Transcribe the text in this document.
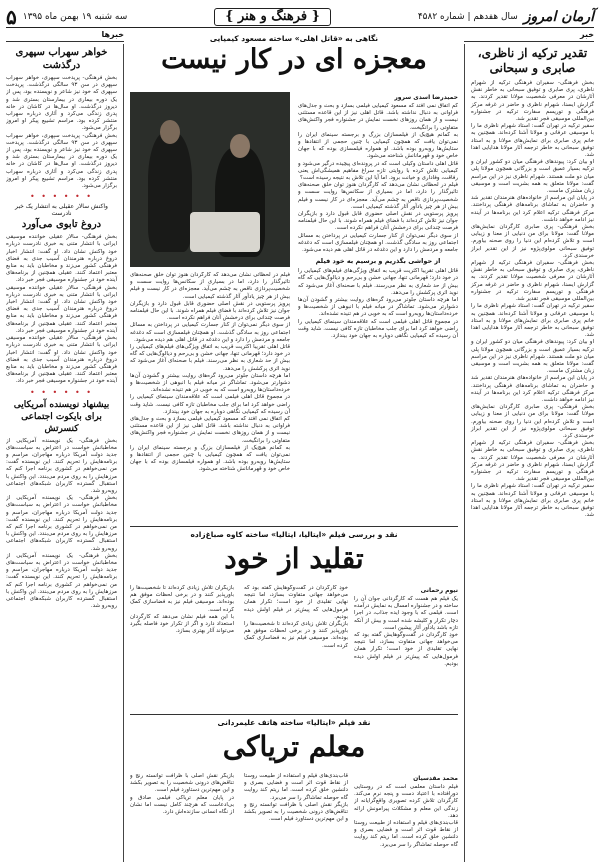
آرمان امروز
سال هفدهم | شماره ۴۵۸۲
{ فرهنگ و هنر }
سه شنبه ۱۹ بهمن ماه ۱۳۹۵
۵
خبر
تقدیر ترکیه از ناظری، صابری و سبحانی

بخش فرهنگی- سفیران فرهنگی ترکیه از شهرام ناظری، پری صابری و توفیق سبحانی به خاطر نقش آثارشان در معرفی شخصیت مولانا تقدیر کردند. به گزارش ایسنا، شهرام ناظری و حاضر در غرفه مرکز فرهنگی و توریسم سفارت ترکیه در جشنواره بین‌المللی موسیقی فجر تقدیر شد.

سفیر ترکیه در تهران گفت: استاد شهرام ناظری ما را با موسیقی عرفانی و مولانا آشنا کرده‌اند. همچنین به خانم پری صابری برای نمایش‌های مولانا و به استاد توفیق سبحانی به خاطر ترجمه آثار مولانا هدایایی اهدا شد.

او بیان کرد: پیوندهای فرهنگی میان دو کشور ایران و ترکیه بسیار عمیق است و بزرگانی همچون مولانا پلی میان دو ملت هستند. شهرام ناظری نیز در این مراسم گفت: مولانا متعلق به همه بشریت است و موسیقی زبان مشترک ماست.

در پایان این مراسم از خانواده‌های هنرمندان تقدیر شد و حاضران به تماشای برنامه‌های فرهنگی پرداختند. مرکز فرهنگی ترکیه اعلام کرد این برنامه‌ها در آینده نیز ادامه خواهد داشت.

بخش فرهنگی- پری صابری کارگردان نمایش‌های مولانا گفت: مولانا برای من دنیایی از معنا و زیبایی است و تلاش کرده‌ام این دنیا را روی صحنه بیاورم. توفیق سبحانی مولوی‌پژوه نیز از این تقدیر ابراز خرسندی کرد.

بخش فرهنگی- سفیران فرهنگی ترکیه از شهرام ناظری، پری صابری و توفیق سبحانی به خاطر نقش آثارشان در معرفی شخصیت مولانا تقدیر کردند. به گزارش ایسنا، شهرام ناظری و حاضر در غرفه مرکز فرهنگی و توریسم سفارت ترکیه در جشنواره بین‌المللی موسیقی فجر تقدیر شد.

سفیر ترکیه در تهران گفت: استاد شهرام ناظری ما را با موسیقی عرفانی و مولانا آشنا کرده‌اند. همچنین به خانم پری صابری برای نمایش‌های مولانا و به استاد توفیق سبحانی به خاطر ترجمه آثار مولانا هدایایی اهدا شد.

او بیان کرد: پیوندهای فرهنگی میان دو کشور ایران و ترکیه بسیار عمیق است و بزرگانی همچون مولانا پلی میان دو ملت هستند. شهرام ناظری نیز در این مراسم گفت: مولانا متعلق به همه بشریت است و موسیقی زبان مشترک ماست.

در پایان این مراسم از خانواده‌های هنرمندان تقدیر شد و حاضران به تماشای برنامه‌های فرهنگی پرداختند. مرکز فرهنگی ترکیه اعلام کرد این برنامه‌ها در آینده نیز ادامه خواهد داشت.

بخش فرهنگی- پری صابری کارگردان نمایش‌های مولانا گفت: مولانا برای من دنیایی از معنا و زیبایی است و تلاش کرده‌ام این دنیا را روی صحنه بیاورم. توفیق سبحانی مولوی‌پژوه نیز از این تقدیر ابراز خرسندی کرد.

بخش فرهنگی- سفیران فرهنگی ترکیه از شهرام ناظری، پری صابری و توفیق سبحانی به خاطر نقش آثارشان در معرفی شخصیت مولانا تقدیر کردند. به گزارش ایسنا، شهرام ناظری و حاضر در غرفه مرکز فرهنگی و توریسم سفارت ترکیه در جشنواره بین‌المللی موسیقی فجر تقدیر شد.

سفیر ترکیه در تهران گفت: استاد شهرام ناظری ما را با موسیقی عرفانی و مولانا آشنا کرده‌اند. همچنین به خانم پری صابری برای نمایش‌های مولانا و به استاد توفیق سبحانی به خاطر ترجمه آثار مولانا هدایایی اهدا شد.

خبرها
خواهر سهراب سپهری درگذشت

بخش فرهنگی- پریدخت سپهری، خواهر سهراب سپهری در سن ۹۳ سالگی درگذشت. پریدخت سپهری که خود نیز شاعر و نویسنده بود، پس از یک دوره بیماری در بیمارستان بستری شد و دیروز درگذشت. او سال‌ها در کاشان در خانه پدری زندگی می‌کرد و آثاری درباره سهراب منتشر کرده بود. مراسم تشییع پیکر او امروز برگزار می‌شود.

بخش فرهنگی- پریدخت سپهری، خواهر سهراب سپهری در سن ۹۳ سالگی درگذشت. پریدخت سپهری که خود نیز شاعر و نویسنده بود، پس از یک دوره بیماری در بیمارستان بستری شد و دیروز درگذشت. او سال‌ها در کاشان در خانه پدری زندگی می‌کرد و آثاری درباره سهراب منتشر کرده بود. مراسم تشییع پیکر او امروز برگزار می‌شود.

• • • • • •
واکنش سالار عقیلی به انتشار یک خبر نادرست
دروغ تابوی می‌آورد

بخش فرهنگی- سالار عقیلی خواننده موسیقی ایرانی با انتشار متنی به خبری نادرست درباره خود واکنش نشان داد. او گفت: انتشار اخبار دروغ درباره هنرمندان آسیب جدی به فضای فرهنگی کشور می‌زند و مخاطبان باید به منابع معتبر اعتماد کنند. عقیلی همچنین از برنامه‌های آینده خود در جشنواره موسیقی فجر خبر داد.

بخش فرهنگی- سالار عقیلی خواننده موسیقی ایرانی با انتشار متنی به خبری نادرست درباره خود واکنش نشان داد. او گفت: انتشار اخبار دروغ درباره هنرمندان آسیب جدی به فضای فرهنگی کشور می‌زند و مخاطبان باید به منابع معتبر اعتماد کنند. عقیلی همچنین از برنامه‌های آینده خود در جشنواره موسیقی فجر خبر داد.

بخش فرهنگی- سالار عقیلی خواننده موسیقی ایرانی با انتشار متنی به خبری نادرست درباره خود واکنش نشان داد. او گفت: انتشار اخبار دروغ درباره هنرمندان آسیب جدی به فضای فرهنگی کشور می‌زند و مخاطبان باید به منابع معتبر اعتماد کنند. عقیلی همچنین از برنامه‌های آینده خود در جشنواره موسیقی فجر خبر داد.

• • • • • •
بیشنهاد نویسنده آمریکایی برای بایکوت اجتماعی کنسرتش

بخش فرهنگی- یک نویسنده آمریکایی از مخاطبانش خواست در اعتراض به سیاست‌های جدید دولت آمریکا درباره مهاجران، مراسم و برنامه‌هایش را تحریم کنند. این نویسنده گفت: من نمی‌خواهم در کشوری برنامه اجرا کنم که مرزهایش را به روی مردم می‌بندد. این واکنش با استقبال گسترده کاربران شبکه‌های اجتماعی روبه‌رو شد.

بخش فرهنگی- یک نویسنده آمریکایی از مخاطبانش خواست در اعتراض به سیاست‌های جدید دولت آمریکا درباره مهاجران، مراسم و برنامه‌هایش را تحریم کنند. این نویسنده گفت: من نمی‌خواهم در کشوری برنامه اجرا کنم که مرزهایش را به روی مردم می‌بندد. این واکنش با استقبال گسترده کاربران شبکه‌های اجتماعی روبه‌رو شد.

بخش فرهنگی- یک نویسنده آمریکایی از مخاطبانش خواست در اعتراض به سیاست‌های جدید دولت آمریکا درباره مهاجران، مراسم و برنامه‌هایش را تحریم کنند. این نویسنده گفت: من نمی‌خواهم در کشوری برنامه اجرا کنم که مرزهایش را به روی مردم می‌بندد. این واکنش با استقبال گسترده کاربران شبکه‌های اجتماعی روبه‌رو شد.

نگاهی به «قاتل اهلی» ساخته مسعود کیمیایی
معجزه ای در کار نیست
حمیدرضا اسدی سرور

کم اتفاق نمی افتد که مسعود کیمیایی فیلمی بسازد و بحث و جدل‌های فراوانی به دنبال نداشته باشد. قاتل اهلی نیز از این قاعده مستثنی نیست و از همان روزهای نخست نمایش در جشنواره فجر واکنش‌های متفاوتی را برانگیخت.

به کمانم هیچ‌یک از فیلمسازان بزرگ و برجسته سینمای ایران را نمی‌توان یافت که همچون کیمیایی با چنین حجمی از انتقادها و ستایش‌ها روبه‌رو بوده باشد. او همواره فیلمسازی بوده که با جهان خاص خود و قهرمانانش شناخته می‌شود.

قاتل اهلی داستان وکیلی است که در پرونده‌ای پیچیده درگیر می‌شود و کیمیایی تلاش کرده با روایتی تازه سراغ مفاهیم همیشگی‌اش یعنی رفاقت، وفاداری و خیانت برود. اما آیا این تلاش به نتیجه رسیده است؟

فیلم در لحظاتی نشان می‌دهد که کارگردان هنوز توان خلق صحنه‌های تاثیرگذار را دارد، اما در بسیاری از سکانس‌ها روایت سست و شخصیت‌پردازی ناقص به چشم می‌آید. معجزه‌ای در کار نیست و فیلم بیش از هر چیز یادآور آثار گذشته کیمیایی است.

پرویز پرستویی در نقش اصلی حضوری قابل قبول دارد و بازیگران جوان نیز تلاش کرده‌اند با فضای فیلم همراه شوند. با این حال فیلمنامه فرصت چندانی برای درخشش آنان فراهم نکرده است.

از سوی دیگر نمی‌توان از کنار جسارت کیمیایی در پرداختن به مسائل اجتماعی روز به سادگی گذشت. او همچنان فیلمسازی است که دغدغه جامعه و مردمش را دارد و این دغدغه در قاتل اهلی هم دیده می‌شود.

از حواشی بگذریم و برسیم به خود فیلم

قاتل اهلی تقریبا اکثریت قریب به اتفاق ویژگی‌های فیلم‌های کیمیایی را در خود دارد؛ قهرمانی تنها، جهانی خشن و بی‌رحم و دیالوگ‌هایی که گاه بیش از حد شعاری به نظر می‌رسند. فیلم با صحنه‌ای آغاز می‌شود که نوید اثری پرکشش را می‌دهد.

اما هرچه داستان جلوتر می‌رود گره‌های روایت بیشتر و گشودن آن‌ها دشوارتر می‌شود. تماشاگر در میانه فیلم با انبوهی از شخصیت‌ها و خرده‌داستان‌ها روبه‌رو است که به خوبی در هم تنیده نشده‌اند.

در مجموع قاتل اهلی فیلمی است که علاقه‌مندان سینمای کیمیایی را راضی خواهد کرد اما برای جلب مخاطبان تازه کافی نیست. شاید وقت آن رسیده که کیمیایی نگاهی دوباره به جهان خود بیندازد.

فیلم در لحظاتی نشان می‌دهد که کارگردان هنوز توان خلق صحنه‌های تاثیرگذار را دارد، اما در بسیاری از سکانس‌ها روایت سست و شخصیت‌پردازی ناقص به چشم می‌آید. معجزه‌ای در کار نیست و فیلم بیش از هر چیز یادآور آثار گذشته کیمیایی است.

پرویز پرستویی در نقش اصلی حضوری قابل قبول دارد و بازیگران جوان نیز تلاش کرده‌اند با فضای فیلم همراه شوند. با این حال فیلمنامه فرصت چندانی برای درخشش آنان فراهم نکرده است.

از سوی دیگر نمی‌توان از کنار جسارت کیمیایی در پرداختن به مسائل اجتماعی روز به سادگی گذشت. او همچنان فیلمسازی است که دغدغه جامعه و مردمش را دارد و این دغدغه در قاتل اهلی هم دیده می‌شود.

قاتل اهلی تقریبا اکثریت قریب به اتفاق ویژگی‌های فیلم‌های کیمیایی را در خود دارد؛ قهرمانی تنها، جهانی خشن و بی‌رحم و دیالوگ‌هایی که گاه بیش از حد شعاری به نظر می‌رسند. فیلم با صحنه‌ای آغاز می‌شود که نوید اثری پرکشش را می‌دهد.

اما هرچه داستان جلوتر می‌رود گره‌های روایت بیشتر و گشودن آن‌ها دشوارتر می‌شود. تماشاگر در میانه فیلم با انبوهی از شخصیت‌ها و خرده‌داستان‌ها روبه‌رو است که به خوبی در هم تنیده نشده‌اند.

در مجموع قاتل اهلی فیلمی است که علاقه‌مندان سینمای کیمیایی را راضی خواهد کرد اما برای جلب مخاطبان تازه کافی نیست. شاید وقت آن رسیده که کیمیایی نگاهی دوباره به جهان خود بیندازد.

کم اتفاق نمی افتد که مسعود کیمیایی فیلمی بسازد و بحث و جدل‌های فراوانی به دنبال نداشته باشد. قاتل اهلی نیز از این قاعده مستثنی نیست و از همان روزهای نخست نمایش در جشنواره فجر واکنش‌های متفاوتی را برانگیخت.

به کمانم هیچ‌یک از فیلمسازان بزرگ و برجسته سینمای ایران را نمی‌توان یافت که همچون کیمیایی با چنین حجمی از انتقادها و ستایش‌ها روبه‌رو بوده باشد. او همواره فیلمسازی بوده که با جهان خاص خود و قهرمانانش شناخته می‌شود.

نقد و بررسی فیلم «ایتالیا، ایتالیا» ساخته کاوه صباغ‌زاده
تقلید از خود
نیوم رحمانی

یک فیلم هم هست که کارگردانی جوان آن را ساخته و در جشنواره امسال به نمایش درآمده است. فیلمی که با وجود ایده جذاب، در اجرا دچار تکرار و کلیشه شده است و بیش از آنکه تازه باشد یادآور آثار پیشین است.

خودِ کارگردان در گفت‌وگوهایش گفته بود که می‌خواهد جهانی متفاوت بسازد، اما نتیجه نهایی تقلیدی از خود است؛ تکرار همان فرمول‌هایی که پیش‌تر در فیلم اولش دیده بودیم.

خودِ کارگردان در گفت‌وگوهایش گفته بود که می‌خواهد جهانی متفاوت بسازد، اما نتیجه نهایی تقلیدی از خود است؛ تکرار همان فرمول‌هایی که پیش‌تر در فیلم اولش دیده بودیم.

بازیگران تلاش زیادی کرده‌اند تا شخصیت‌ها را باورپذیر کنند و در برخی لحظات موفق هم بوده‌اند. موسیقی فیلم نیز به فضاسازی کمک کرده است.

بازیگران تلاش زیادی کرده‌اند تا شخصیت‌ها را باورپذیر کنند و در برخی لحظات موفق هم بوده‌اند. موسیقی فیلم نیز به فضاسازی کمک کرده است.

با این همه فیلم نشان می‌دهد که کارگردان استعداد دارد و اگر از تکرار خود فاصله بگیرد می‌تواند آثار بهتری بسازد.

نقد فیلم «ایتالیا» ساخته هاتف علیمردانی
معلم تریاکی
محمد مقدسیان

فیلم داستان معلمی است که در روستایی دورافتاده با اعتیاد دست و پنجه نرم می‌کند. کارگردان تلاش کرده تصویری واقع‌گرایانه از زندگی این معلم و مشکلات پیرامونش ارائه دهد.

قاب‌بندی‌های فیلم و استفاده از طبیعت روستا از نقاط قوت اثر است و فضایی بصری و دلنشین خلق کرده است. اما ریتم کند روایت گاه حوصله تماشاگر را سر می‌برد.

قاب‌بندی‌های فیلم و استفاده از طبیعت روستا از نقاط قوت اثر است و فضایی بصری و دلنشین خلق کرده است. اما ریتم کند روایت گاه حوصله تماشاگر را سر می‌برد.

بازیگر نقش اصلی با ظرافت توانسته رنج و تناقض‌های درونی شخصیت را به تصویر بکشد و این مهم‌ترین دستاورد فیلم است.

بازیگر نقش اصلی با ظرافت توانسته رنج و تناقض‌های درونی شخصیت را به تصویر بکشد و این مهم‌ترین دستاورد فیلم است.

در پایان معلم تریاکی فیلمی صادق و بی‌ادعاست که هرچند کامل نیست اما نشان از نگاه انسانی سازنده‌اش دارد.
